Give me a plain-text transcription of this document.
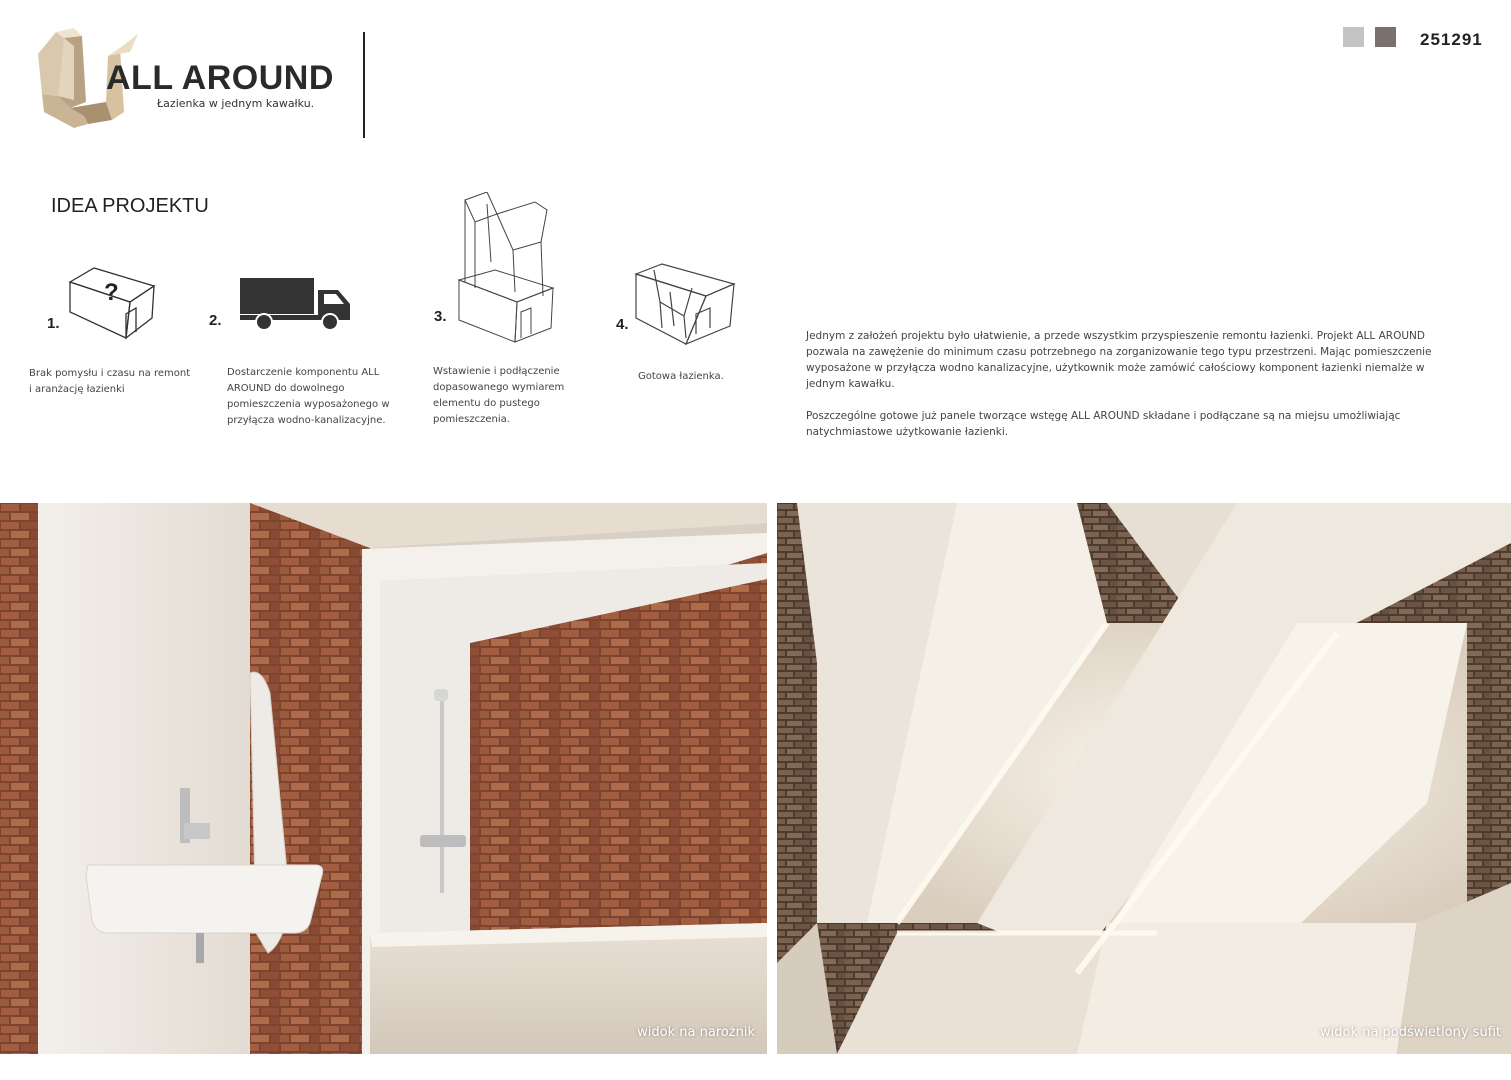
ALL AROUND
Łazienka w jednym kawałku.
251291
IDEA PROJEKTU
?
1.
Brak pomysłu i czasu na remont i aranżację łazienki
2.
Dostarczenie komponentu ALL AROUND do dowolnego pomieszczenia wyposażonego w przyłącza wodno-kanalizacyjne.
3.
Wstawienie i podłączenie dopasowanego wymiarem elementu do pustego pomieszczenia.
4.
Gotowa łazienka.

Jednym z założeń projektu było ułatwienie, a przede wszystkim przyspieszenie remontu łazienki. Projekt ALL AROUND pozwala na zawężenie do minimum czasu potrzebnego na zorganizowanie tego typu przestrzeni. Mając pomieszczenie wyposażone w przyłącza wodno kanalizacyjne, użytkownik może zamówić całościowy komponent łazienki niemalże w jednym kawałku.

Poszczególne gotowe już panele tworzące wstęgę ALL AROUND składane i podłączane są na miejsu umożliwiając natychmiastowe użytkowanie łazienki.

widok na narożnik	widok na podświetlony sufit
